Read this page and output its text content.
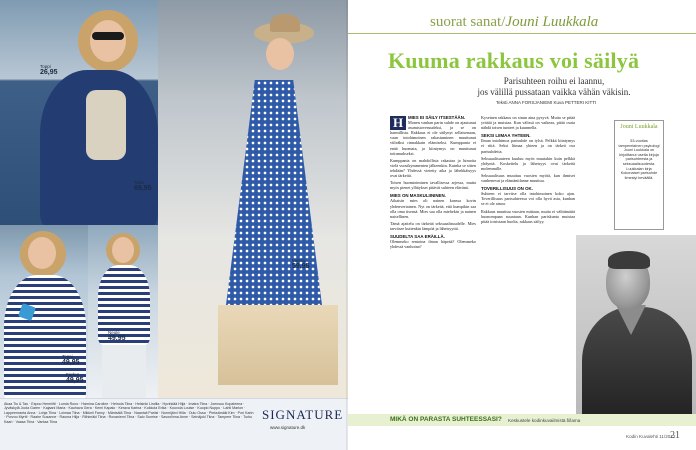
Toppi
26,95
Takki
69,95
Mekko
59,95
Neule
49,95
Toppi
49,95
Farkut
49,95
Akaa Tiu & Tau · Espoo Hermiitti · Lumia Runo · Hamina Caroline · Heinola Tiina · Helsinki Lindlia · Hyvinkää Hilja · Imatra Tiina · Joensuu Kopaleena · Jyväskylä Joola Garen · Kajaani Maria · Kauhava Gera · Kemi Kapalo · Kerava Karina · Kokkola Erika · Kouvola Louise · Kuopio Nuppu · Lahti Marion · Lappeenranta Anna · Lohja Tiina · Loimaa Tiina · Mikkeli Fanny · Mäntsälä Tiina · Naantali Pariisi · Nurmijärvi Hilla · Oulu Ossa · Pieksämäki Kim · Pori Karin · Porvoo Myrtti · Raahe Susanne · Rauma Hilja · Riihimäki Tiina · Rovaniemi Tiina · Salo Sunrise · Savonlinna Anne · Seinäjoki Tiina · Tampere Tiina · Turku Kaari · Vaasa Tiina · Vantaa Tiina	SIGNATURE
www.signature.dk
suorat sanat/Jouni Luukkala
Kuuma rakkaus voi säilyä
Parisuhteen roihu ei laannu,
jos välillä pussataan vaikka vähän väkisin.
Teksti ANNA FORSJANIEMI Kuva PETTERI KITTI
H	MIES EI SÄILY ITSESTÄÄN.

Monen vanhan parin suhde on ajautunut asumistoveruudeksi, ja se on harmillista. Rakkaus ei ole säilynyt sellaisenaan, vaan intohimoinen rakastuminen muuttunut viileäksi rinnakkain elämiseksi. Kumppania ei enää huomata, ja kiintymys on muuttunut tottumukseksi.

Kumppania on mahdollista rakastaa ja himoita vielä vuosikymmenten jälkeenkin. Kuinka se sitten tehdään? Yhdessä vietetty aika ja lähekkäisyys ovat tärkeitä.

Toisen huomioiminen tavallisessa arjessa, mutta myös pienet yllätykset pitävät suhteen elävänä.

MIES ON MASKULIININEN.

Aikaisin mies oli nainen kanssa kovin yhdenvertainen. Nyt on tärkeää, että kumpikin saa olla oma itsensä. Mies saa olla miehekäs ja nainen naisellinen.

Tämä ajattelu on tärkeää seksuaalisuudelle. Mies tarvitsee kuitenkin lämpöä ja läheisyyttä.

SUUDELTA SAA ERÄILLÄ.

Olemmeko rentoina ilman häpeää? Olemmeko yhdessä vanhoina?

Kyseinen rakkaus on sinun aina pysyvä. Mutta se pitää yrittää ja muistaa. Kun välissä on vaikeaa, pitää osata nähdä toisen tunteet ja kuunnella.

SEKSI LIIMAA YHTEEN.

Ilman intohimoa parisuhde on tylsä. Pelkkä kiintymys ei riitä. Seksi liimaa yhteen ja on tärkeä osa parisuhdetta.

Seksuaalisuuteen kuuluu myös muutakin kuin pelkkä yhdyntä. Koskettelu ja läheisyys ovat tärkeitä molemmille.

Seksuaalisuus muuttuu vuosien myötä, kun ihmiset vanhenevat ja elämäntilanne muuttuu.

TOVERILLISUUS ON OK.

Suhteen ei tarvitse olla intohimoinen koko ajan. Toverillisuus parisuhteessa voi olla hyvä asia, kunhan se ei ole ainoa.

Rakkaus muuttuu vuosien mittaan, mutta ei välttämättä huonompaan suuntaan. Kunhan pariskunta muistaa pitää toisistaan huolta, rakkaus säilyy.

Jouni Luukkala
53-vuotias tamperelainen psykologi Jouni Luukkala on kirjoittanut useita kirjoja parisuhteesta ja seksuaalisuudesta. Luukkalan kirja Kokonaiset parisuhde ilmestyi keväällä.
MIKÄ ON PARASTA SUHTEESSASI? Keskustele kodinkuvailmistä.fi/lama
Kodin Kuvalehti 11/2012
21
